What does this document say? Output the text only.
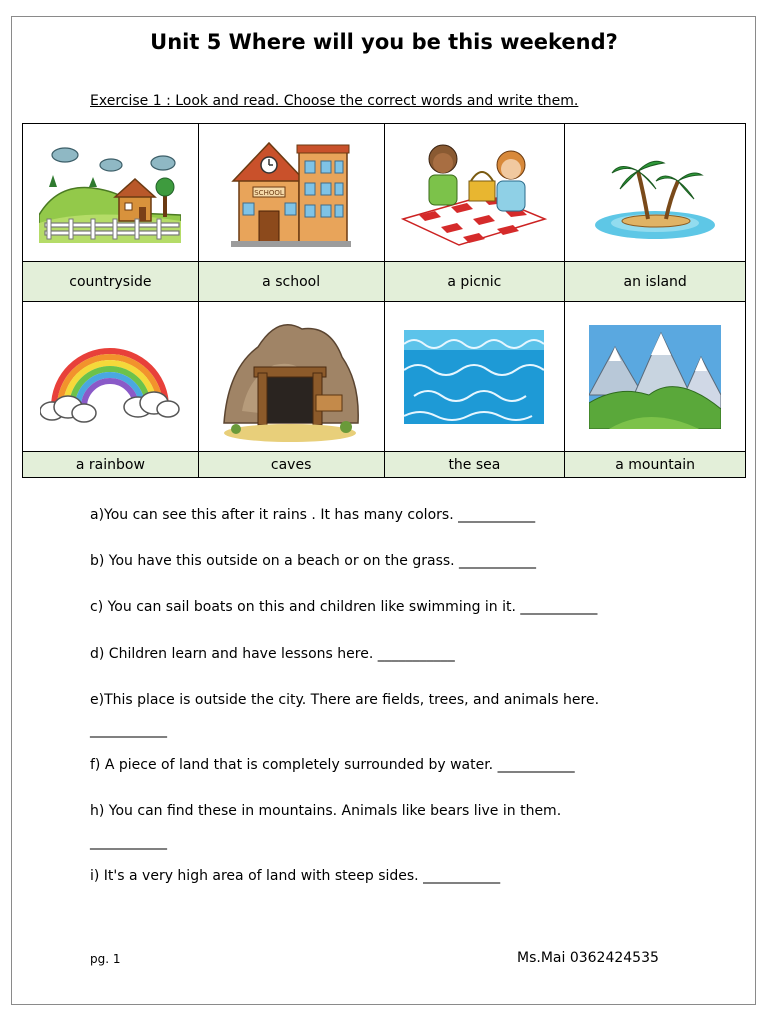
Unit 5 Where will you be this weekend?
Exercise 1 : Look and read. Choose the correct words and write them.

SCHOOL

countryside	a school	a picnic	an island

a rainbow	caves	the sea	a mountain
a)You can see this after it rains . It has many colors. ___________
b) You have this outside on a beach or on the grass. ___________
c) You can sail boats on this and children like swimming in it. ___________
d) Children learn and have lessons here. ___________
e)This place is outside the city. There are fields, trees, and animals here.
___________
f) A piece of land that is completely surrounded by water. ___________
h) You can find these in mountains. Animals like bears live in them.
___________
i) It's a very high area of land with steep sides. ___________
pg. 1	Ms.Mai 0362424535
